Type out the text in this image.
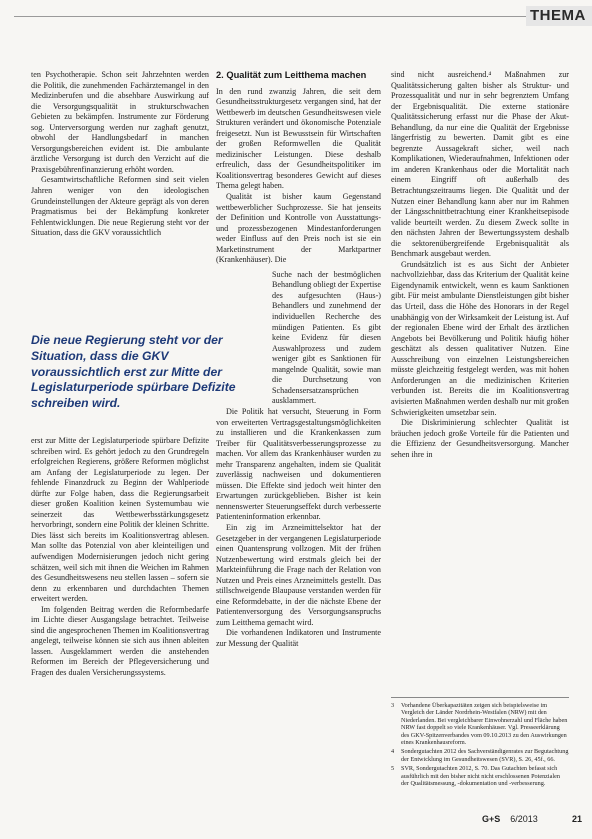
THEMA

ten Psychotherapie. Schon seit Jahrzehnten werden die Politik, die zunehmenden Fachärztemangel in den Medizinberufen und die absehbare Auswirkung auf die Versorgungsqualität in strukturschwachen Gebieten zu bekämpfen. Instrumente zur Förderung sog. Unterversorgung werden nur zaghaft genutzt, obwohl der Handlungsbedarf in manchen Versorgungsbereichen evident ist. Die ambulante ärztliche Versorgung ist durch den Verzicht auf die Praxisgebührenfinanzierung erhöht worden.

Gesamtwirtschaftliche Reformen sind seit vielen Jahren weniger von den ideologischen Grundeinstellungen der Akteure geprägt als von deren Pragmatismus bei der Bekämpfung konkreter Fehlentwicklungen. Die neue Regierung steht vor der Situation, dass die GKV voraussichtlich

Die neue Regierung steht vor der Situation, dass die GKV voraussichtlich erst zur Mitte der Legislaturperiode spürbare Defizite schreiben wird.

erst zur Mitte der Legislaturperiode spürbare Defizite schreiben wird. Es gehört jedoch zu den Grundregeln erfolgreichen Regierens, größere Reformen möglichst am Anfang der Legislaturperiode zu legen. Der fehlende Finanzdruck zu Beginn der Wahlperiode dürfte zur Folge haben, dass die Regierungsarbeit dieser großen Koalition keinen Systemumbau wie seinerzeit das Wettbewerbsstärkungsgesetz hervorbringt, sondern eine Politik der kleinen Schritte. Dies lässt sich bereits im Koalitionsvertrag ablesen. Man sollte das Potenzial von aber kleinteiligen und aufwendigen Modernisierungen jedoch nicht gering schätzen, weil sich mit ihnen die Weichen im Rahmen des Gesundheitswesens neu stellen lassen – sofern sie denn zu erkennbaren und durchdachten Themen erweitert werden.

Im folgenden Beitrag werden die Reformbedarfe im Lichte dieser Ausgangslage betrachtet. Teilweise sind die angesprochenen Themen im Koalitionsvertrag angelegt, teilweise können sie sich aus ihnen ableiten lassen. Ausgeklammert werden die anstehenden Reformen im Bereich der Pflegeversicherung und Fragen des dualen Versicherungssystems.

2. Qualität zum Leitthema machen

In den rund zwanzig Jahren, die seit dem Gesundheitsstrukturgesetz vergangen sind, hat der Wettbewerb im deutschen Gesundheitswesen viele Strukturen verändert und ökonomische Potenziale freigesetzt. Nun ist Bewusstsein für Wirtschaften der großen Reformwellen die Qualität medizinischer Leistungen. Diese deshalb erfreulich, dass der Gesundheitspolitiker im Koalitionsvertrag besonderes Gewicht auf dieses Thema gelegt haben.

Qualität ist bisher kaum Gegenstand wettbewerblicher Suchprozesse. Sie hat jenseits der Definition und Kontrolle von Ausstattungs- und prozessbezogenen Mindestanforderungen weder Einfluss auf den Preis noch ist sie ein Marketinstrument der Marktpartner (Krankenhäuser). Die

Suche nach der bestmöglichen Behandlung obliegt der Expertise des aufgesuchten (Haus-) Behandlers und zunehmend der individuellen Recherche des mündigen Patienten. Es gibt keine Evidenz für diesen Auswahlprozess und zudem weniger gibt es Sanktionen für mangelnde Qualität, sowie man die Durchsetzung von Schadensersatzansprüchen ausklammert.

Die Politik hat versucht, Steuerung in Form von erweiterten Vertragsgestaltungsmöglichkeiten zu installieren und die Krankenkassen zum Treiber für Qualitätsverbesserungsprozesse zu machen. Vor allem das Krankenhäuser wurden zu mehr Transparenz angehalten, indem sie Qualität zuverlässig nachweisen und dokumentieren müssen. Die Effekte sind jedoch weit hinter den Erwartungen zurückgeblieben. Bisher ist kein nennenswerter Steuerungseffekt durch verbesserte Patienteninformation erkennbar.

Ein zig im Arzneimittelsektor hat der Gesetzgeber in der vergangenen Legislaturperiode einen Quantensprung vollzogen. Mit der frühen Nutzenbewertung wird erstmals gleich bei der Markteinführung die Frage nach der Relation von Nutzen und Preis eines Arzneimittels gestellt. Das stillschweigende Blaupause verstanden werden für eine Reformdebatte, in der die nächste Ebene der Patientenversorgung des Versorgungsanspruchs zum Leitthema gemacht wird.

Die vorhandenen Indikatoren und Instrumente zur Messung der Qualität

sind nicht ausreichend.⁴ Maßnahmen zur Qualitätssicherung galten bisher als Struktur- und Prozessqualität und nur in sehr begrenztem Umfang der Ergebnisqualität. Die externe stationäre Qualitätssicherung erfasst nur die Phase der Akut-Behandlung, da nur eine die Qualität der Ergebnisse längerfristig zu bewerten. Damit gibt es eine begrenzte Aussagekraft sicher, weil nach Komplikationen, Wiederaufnahmen, Infektionen oder im anderen Krankenhaus oder die Mortalität nach einem Eingriff oft außerhalb des Betrachtungszeitraums liegen. Die Qualität und der Nutzen einer Behandlung kann aber nur im Rahmen der Längsschnittbetrachtung einer Krankheitsepisode valide beurteilt werden. Zu diesem Zweck sollte in den nächsten Jahren der Bewertungssystem deshalb die sektorenübergreifende Ergebnisqualität als Benchmark ausgebaut werden.

Grundsätzlich ist es aus Sicht der Anbieter nachvollziehbar, dass das Kriterium der Qualität keine Eigendynamik entwickelt, wenn es kaum Sanktionen gibt. Für meist ambulante Dienstleistungen gibt bisher das Urteil, dass die Höhe des Honorars in der Regel unabhängig von der Wirksamkeit der Leistung ist. Auf der regionalen Ebene wird der Erhalt des ärztlichen Angebots bei Bevölkerung und Politik häufig höher geschätzt als dessen qualitativer Nutzen. Eine Ausschreibung von einzelnen Leistungsbereichen müsste gleichzeitig festgelegt werden, was mit hohen Anforderungen an die medizinischen Kriterien verbunden ist. Bereits die im Koalitionsvertrag avisierten Maßnahmen werden deshalb nur mit großen Schwierigkeiten umsetzbar sein.

Die Diskriminierung schlechter Qualität ist bräuchen jedoch große Vorteile für die Patienten und die Effizienz der Gesundheitsversorgung. Mancher sehen ihre in

3	Vorhandene Überkapazitäten zeigen sich beispielsweise im Vergleich der Länder Nordrhein-Westfalen (NRW) mit den Niederlanden. Bei vergleichbarer Einwohnerzahl und Fläche haben NRW fast doppelt so viele Krankenhäuser. Vgl. Presseerklärung des GKV-Spitzenverbandes vom 09.10.2013 zu den Auswirkungen eines Krankenhausreform.
4	Sondergutachten 2012 des Sachverständigenrates zur Begutachtung der Entwicklung im Gesundheitswesen (SVR), S. 26, 45f., 66.
5	SVR, Sondergutachten 2012, S. 70. Das Gutachten befasst sich ausführlich mit den bisher nicht nicht erschlossenen Potenzialen der Qualitätsmessung, -dokumentation und -verbesserung.
G+S 6/2013	21
